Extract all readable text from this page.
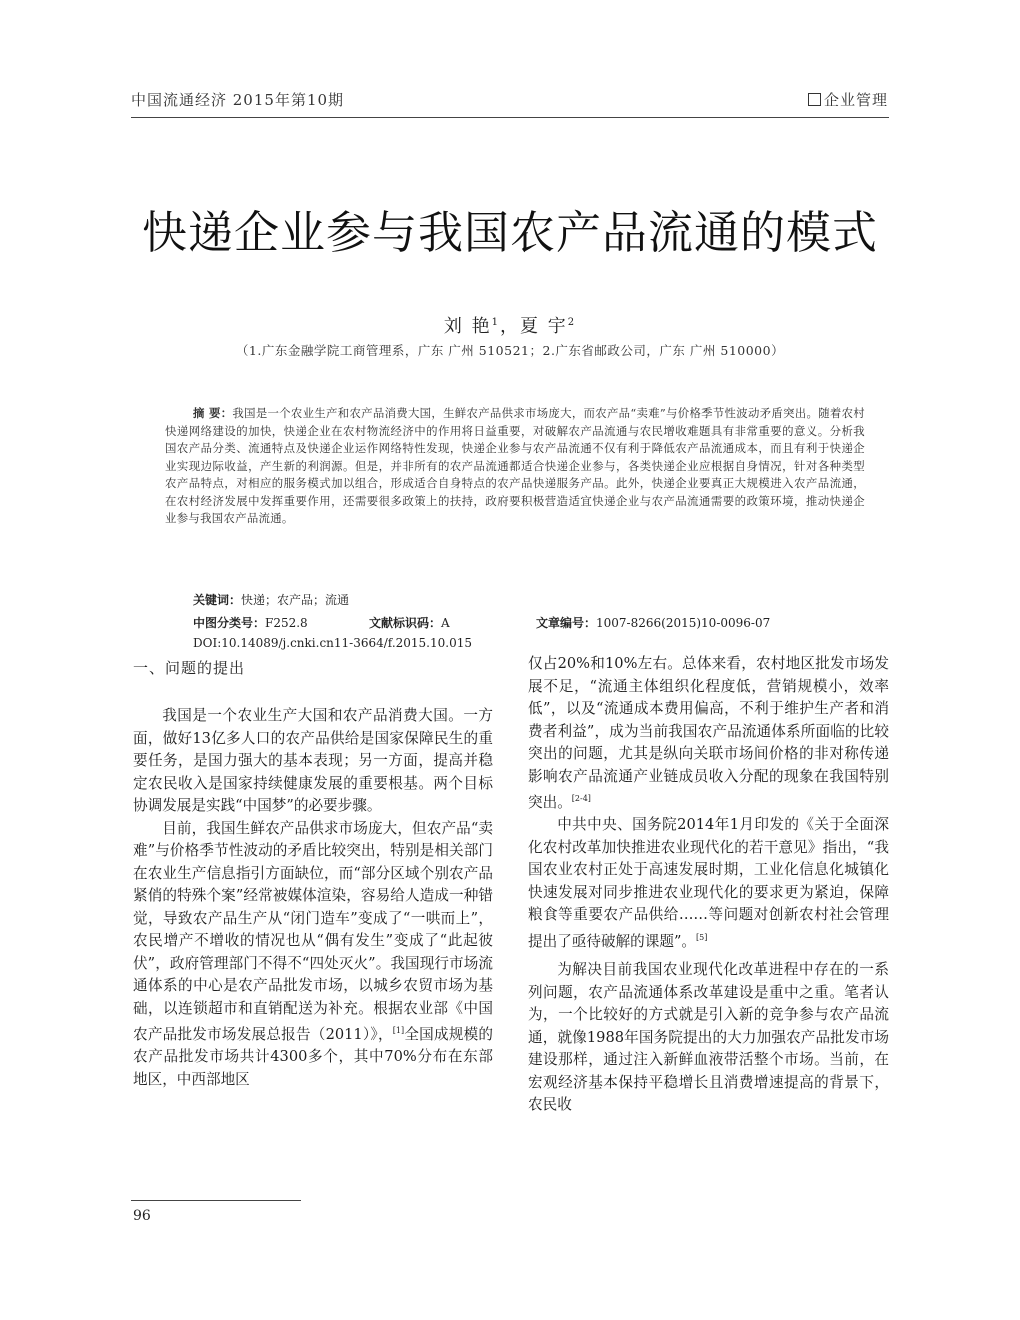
中国流通经济 2015年第10期	企业管理
快递企业参与我国农产品流通的模式
刘 艳$^1$，夏 宇$^2$
（1.广东金融学院工商管理系，广东 广州 510521；2.广东省邮政公司，广东 广州 510000）

摘 要：我国是一个农业生产和农产品消费大国，生鲜农产品供求市场庞大，而农产品“卖难”与价格季节性波动矛盾突出。随着农村快递网络建设的加快，快递企业在农村物流经济中的作用将日益重要，对破解农产品流通与农民增收难题具有非常重要的意义。分析我国农产品分类、流通特点及快递企业运作网络特性发现，快递企业参与农产品流通不仅有利于降低农产品流通成本，而且有利于快递企业实现边际收益，产生新的利润源。但是，并非所有的农产品流通都适合快递企业参与，各类快递企业应根据自身情况，针对各种类型农产品特点，对相应的服务模式加以组合，形成适合自身特点的农产品快递服务产品。此外，快递企业要真正大规模进入农产品流通，在农村经济发展中发挥重要作用，还需要很多政策上的扶持，政府要积极营造适宜快递企业与农产品流通需要的政策环境，推动快递企业参与我国农产品流通。

关键词：快递；农产品；流通
中图分类号：F252.8	文献标识码：A	文章编号：1007-8266(2015)10-0096-07
DOI:10.14089/j.cnki.cn11-3664/f.2015.10.015
一、问题的提出

我国是一个农业生产大国和农产品消费大国。一方面，做好13亿多人口的农产品供给是国家保障民生的重要任务，是国力强大的基本表现；另一方面，提高并稳定农民收入是国家持续健康发展的重要根基。两个目标协调发展是实践“中国梦”的必要步骤。

目前，我国生鲜农产品供求市场庞大，但农产品“卖难”与价格季节性波动的矛盾比较突出，特别是相关部门在农业生产信息指引方面缺位，而“部分区域个别农产品紧俏的特殊个案”经常被媒体渲染，容易给人造成一种错觉，导致农产品生产从“闭门造车”变成了“一哄而上”，农民增产不增收的情况也从“偶有发生”变成了“此起彼伏”，政府管理部门不得不“四处灭火”。我国现行市场流通体系的中心是农产品批发市场，以城乡农贸市场为基础，以连锁超市和直销配送为补充。根据农业部《中国农产品批发市场发展总报告（2011）》，[1]全国成规模的农产品批发市场共计4300多个，其中70%分布在东部地区，中西部地区

仅占20%和10%左右。总体来看，农村地区批发市场发展不足，“流通主体组织化程度低，营销规模小，效率低”，以及“流通成本费用偏高，不利于维护生产者和消费者利益”，成为当前我国农产品流通体系所面临的比较突出的问题，尤其是纵向关联市场间价格的非对称传递影响农产品流通产业链成员收入分配的现象在我国特别突出。[2-4]

中共中央、国务院2014年1月印发的《关于全面深化农村改革加快推进农业现代化的若干意见》指出，“我国农业农村正处于高速发展时期，工业化信息化城镇化快速发展对同步推进农业现代化的要求更为紧迫，保障粮食等重要农产品供给……等问题对创新农村社会管理提出了亟待破解的课题”。[5]

为解决目前我国农业现代化改革进程中存在的一系列问题，农产品流通体系改革建设是重中之重。笔者认为，一个比较好的方式就是引入新的竞争参与农产品流通，就像1988年国务院提出的大力加强农产品批发市场建设那样，通过注入新鲜血液带活整个市场。当前，在宏观经济基本保持平稳增长且消费增速提高的背景下，农民收

96
